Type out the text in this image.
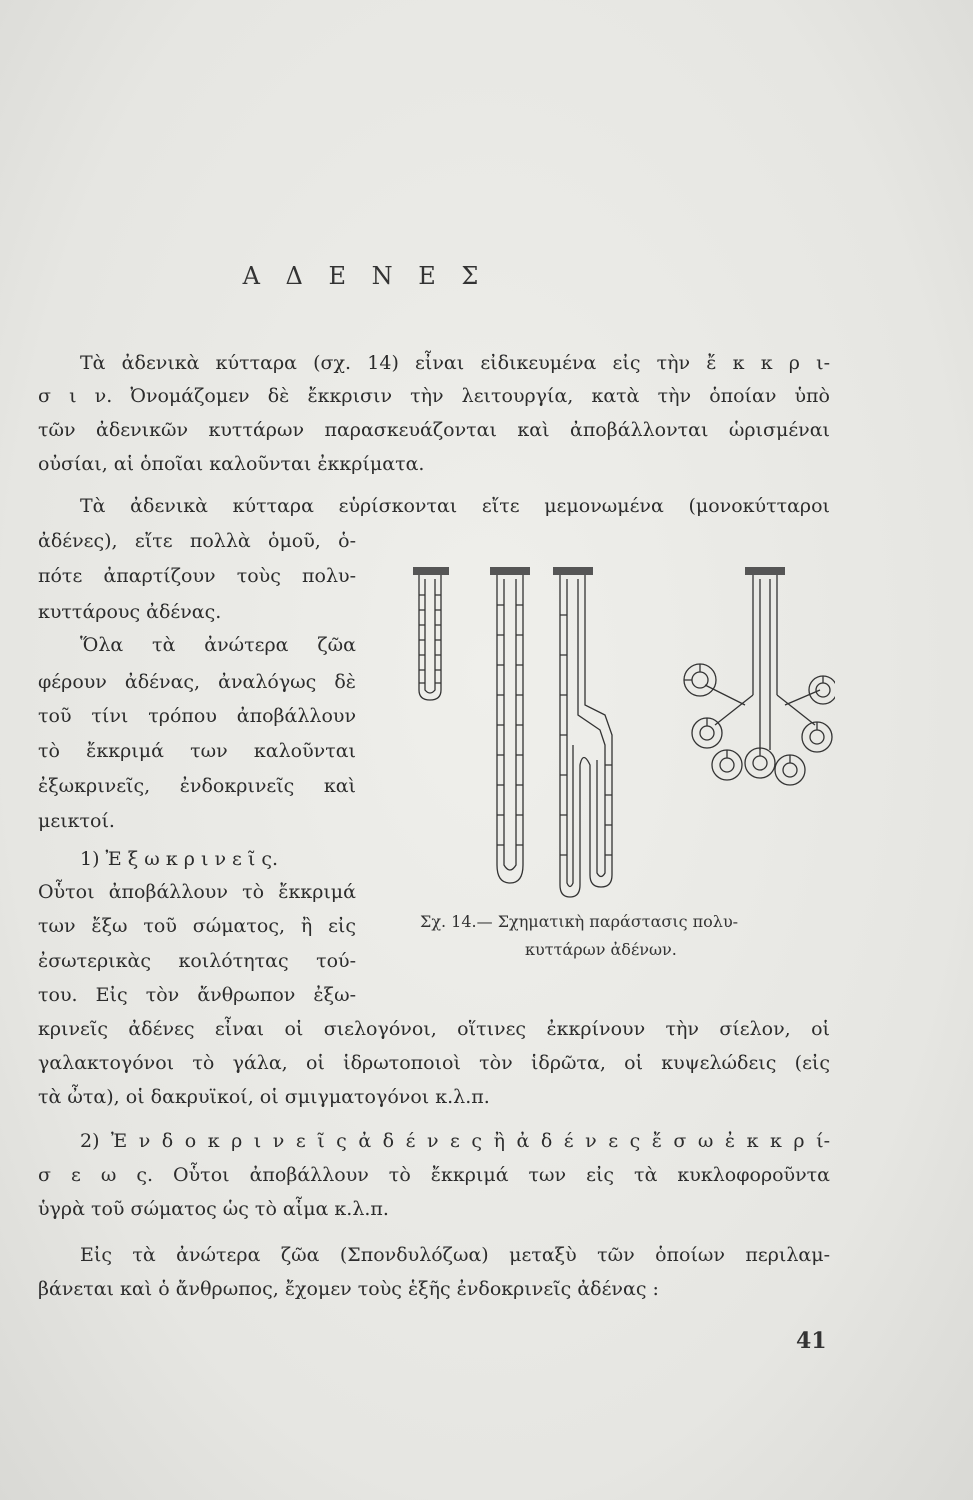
Α Δ Ε Ν Ε Σ
Τὰ ἀδενικὰ κύτταρα (σχ. 14) εἶναι εἰδικευμένα εἰς τὴν ἔ κ κ ρ ι-
σ ι ν. Ὀνομάζομεν δὲ ἔκκρισιν τὴν λειτουργία, κατὰ τὴν ὁποίαν ὑπὸ
τῶν ἀδενικῶν κυττάρων παρασκευάζονται καὶ ἀποβάλλονται ὡρισμέναι
οὐσίαι, αἱ ὁποῖαι καλοῦνται ἐκκρίματα.
Τὰ ἀδενικὰ κύτταρα εὑρίσκονται εἴτε μεμονωμένα (μονοκύτταροι
ἀδένες), εἴτε πολλὰ ὁμοῦ, ὁ-
πότε ἀπαρτίζουν τοὺς πολυ-
κυττάρους ἀδένας.
Ὅλα τὰ ἀνώτερα ζῶα
φέρουν ἀδένας, ἀναλόγως δὲ
τοῦ τίνι τρόπου ἀποβάλλουν
τὸ ἔκκριμά των καλοῦνται
ἐξωκρινεῖς, ἐνδοκρινεῖς καὶ
μεικτοί.
1) Ἐ ξ ω κ ρ ι ν ε ῖ ς.
Οὗτοι ἀποβάλλουν τὸ ἔκκριμά
των ἔξω τοῦ σώματος, ἢ εἰς
ἐσωτερικὰς κοιλότητας τού-
του. Εἰς τὸν ἄνθρωπον ἐξω-
κρινεῖς ἀδένες εἶναι οἱ σιελογόνοι, οἵτινες ἐκκρίνουν τὴν σίελον, οἱ
γαλακτογόνοι τὸ γάλα, οἱ ἱδρωτοποιοὶ τὸν ἱδρῶτα, οἱ κυψελώδεις (εἰς
τὰ ὦτα), οἱ δακρυϊκοί, οἱ σμιγματογόνοι κ.λ.π.
2) Ἐ ν δ ο κ ρ ι ν ε ῖ ς ἀ δ έ ν ε ς ἢ ἀ δ έ ν ε ς ἔ σ ω ἐ κ κ ρ ί-
σ ε ω ς. Οὗτοι ἀποβάλλουν τὸ ἔκκριμά των εἰς τὰ κυκλοφοροῦντα
ὑγρὰ τοῦ σώματος ὡς τὸ αἷμα κ.λ.π.
Εἰς τὰ ἀνώτερα ζῶα (Σπονδυλόζωα) μεταξὺ τῶν ὁποίων περιλαμ-
βάνεται καὶ ὁ ἄνθρωπος, ἔχομεν τοὺς ἑξῆς ἐνδοκρινεῖς ἀδένας :
Σχ. 14.— Σχηματικὴ παράστασις πολυ-
κυττάρων ἀδένων.
41
